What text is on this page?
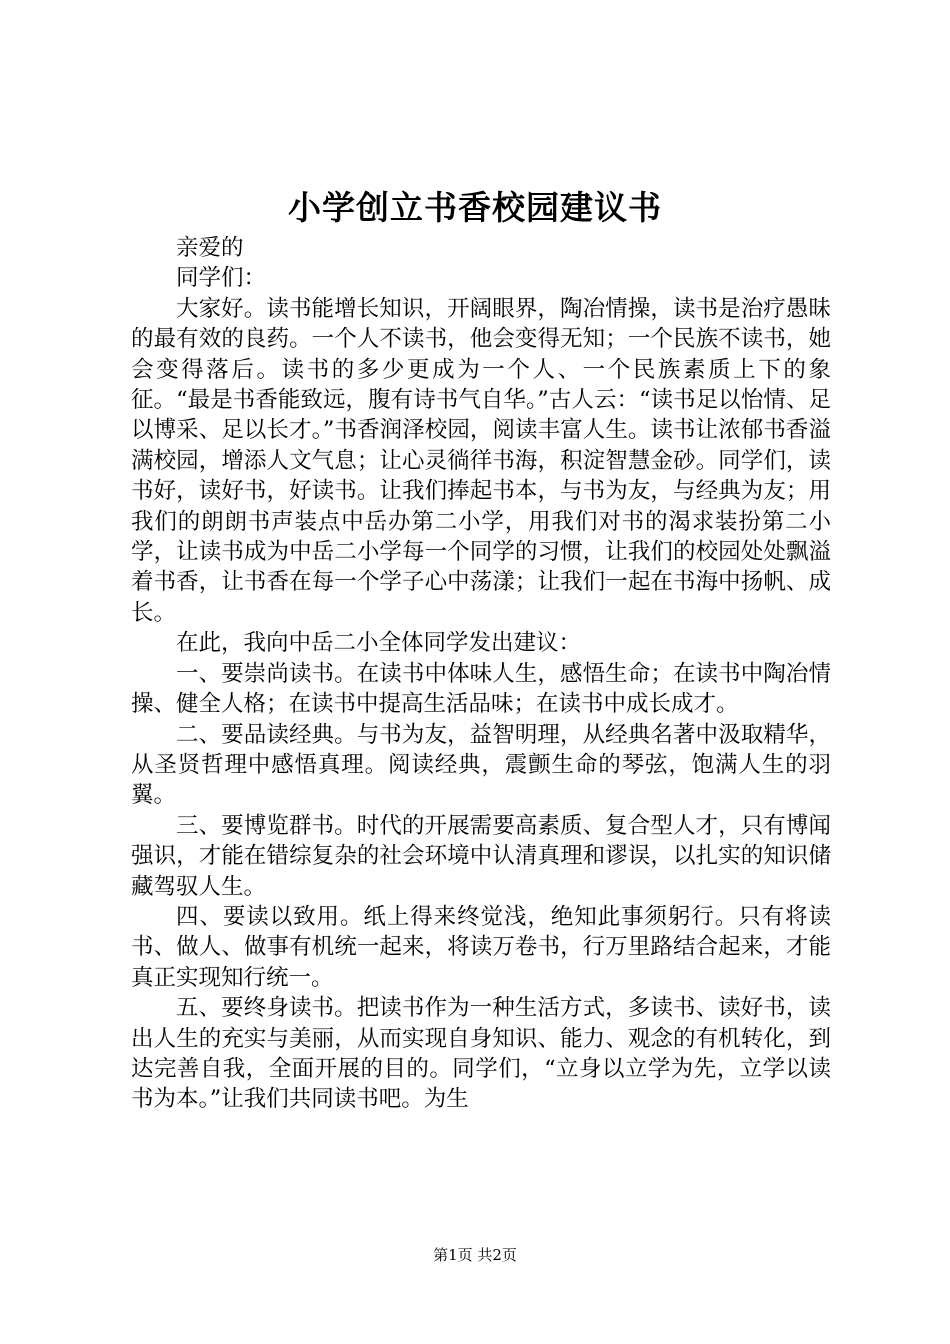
小学创立书香校园建议书

亲爱的

同学们：

大家好。读书能增长知识，开阔眼界，陶冶情操，读书是治疗愚昧的最有效的良药。一个人不读书，他会变得无知；一个民族不读书，她会变得落后。读书的多少更成为一个人、一个民族素质上下的象征。“最是书香能致远，腹有诗书气自华。”古人云：“读书足以怡情、足以博采、足以长才。”书香润泽校园，阅读丰富人生。读书让浓郁书香溢满校园，增添人文气息；让心灵徜徉书海，积淀智慧金砂。同学们，读书好，读好书，好读书。让我们捧起书本，与书为友，与经典为友；用我们的朗朗书声装点中岳办第二小学，用我们对书的渴求装扮第二小学，让读书成为中岳二小学每一个同学的习惯，让我们的校园处处飘溢着书香，让书香在每一个学子心中荡漾；让我们一起在书海中扬帆、成长。

在此，我向中岳二小全体同学发出建议：

一、要崇尚读书。在读书中体味人生，感悟生命；在读书中陶冶情操、健全人格；在读书中提高生活品味；在读书中成长成才。

二、要品读经典。与书为友，益智明理，从经典名著中汲取精华，从圣贤哲理中感悟真理。阅读经典，震颤生命的琴弦，饱满人生的羽翼。

三、要博览群书。时代的开展需要高素质、复合型人才，只有博闻强识，才能在错综复杂的社会环境中认清真理和谬误，以扎实的知识储藏驾驭人生。

四、要读以致用。纸上得来终觉浅，绝知此事须躬行。只有将读书、做人、做事有机统一起来，将读万卷书，行万里路结合起来，才能真正实现知行统一。

五、要终身读书。把读书作为一种生活方式，多读书、读好书，读出人生的充实与美丽，从而实现自身知识、能力、观念的有机转化，到达完善自我，全面开展的目的。同学们，“立身以立学为先，立学以读书为本。”让我们共同读书吧。为生

第1页 共2页
